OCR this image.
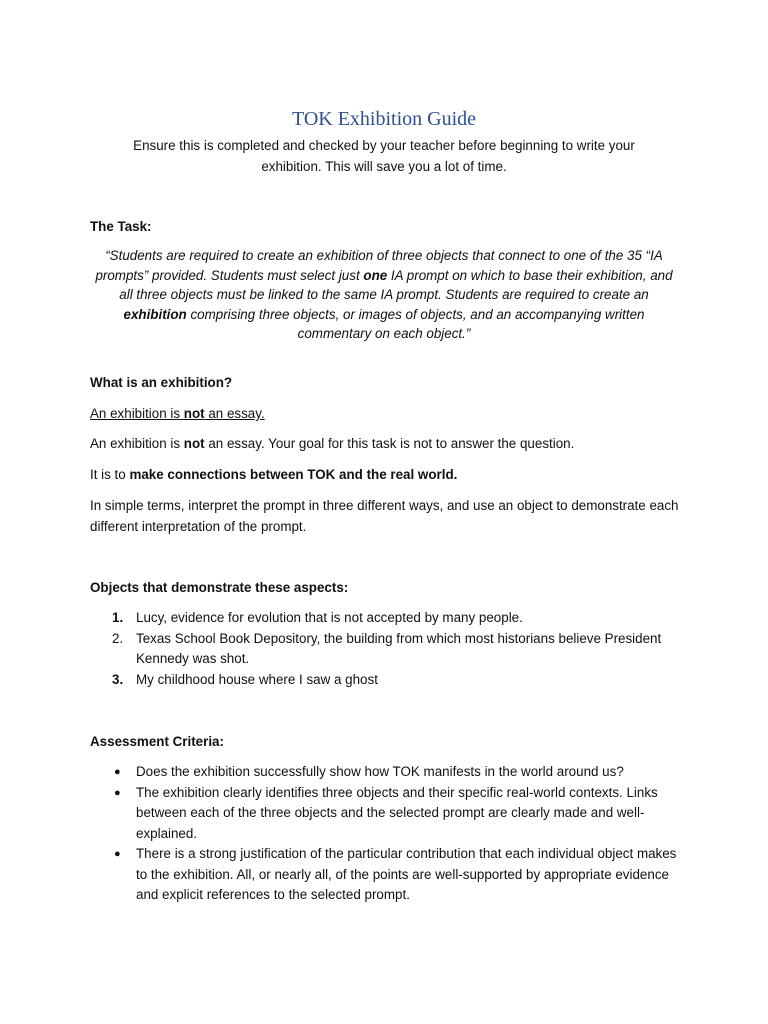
TOK Exhibition Guide

Ensure this is completed and checked by your teacher before beginning to write your
exhibition. This will save you a lot of time.

The Task:

“Students are required to create an exhibition of three objects that connect to one of the 35 “IA prompts” provided. Students must select just one IA prompt on which to base their exhibition, and all three objects must be linked to the same IA prompt. Students are required to create an exhibition comprising three objects, or images of objects, and an accompanying written commentary on each object.”

What is an exhibition?

An exhibition is not an essay.

An exhibition is not an essay. Your goal for this task is not to answer the question.

It is to make connections between TOK and the real world.

In simple terms, interpret the prompt in three different ways, and use an object to demonstrate each different interpretation of the prompt.

Objects that demonstrate these aspects:

1. Lucy, evidence for evolution that is not accepted by many people.
2. Texas School Book Depository, the building from which most historians believe President Kennedy was shot.
3. My childhood house where I saw a ghost

Assessment Criteria:

● Does the exhibition successfully show how TOK manifests in the world around us?
● The exhibition clearly identifies three objects and their specific real-world contexts. Links between each of the three objects and the selected prompt are clearly made and well-explained.
● There is a strong justification of the particular contribution that each individual object makes to the exhibition. All, or nearly all, of the points are well-supported by appropriate evidence and explicit references to the selected prompt.
